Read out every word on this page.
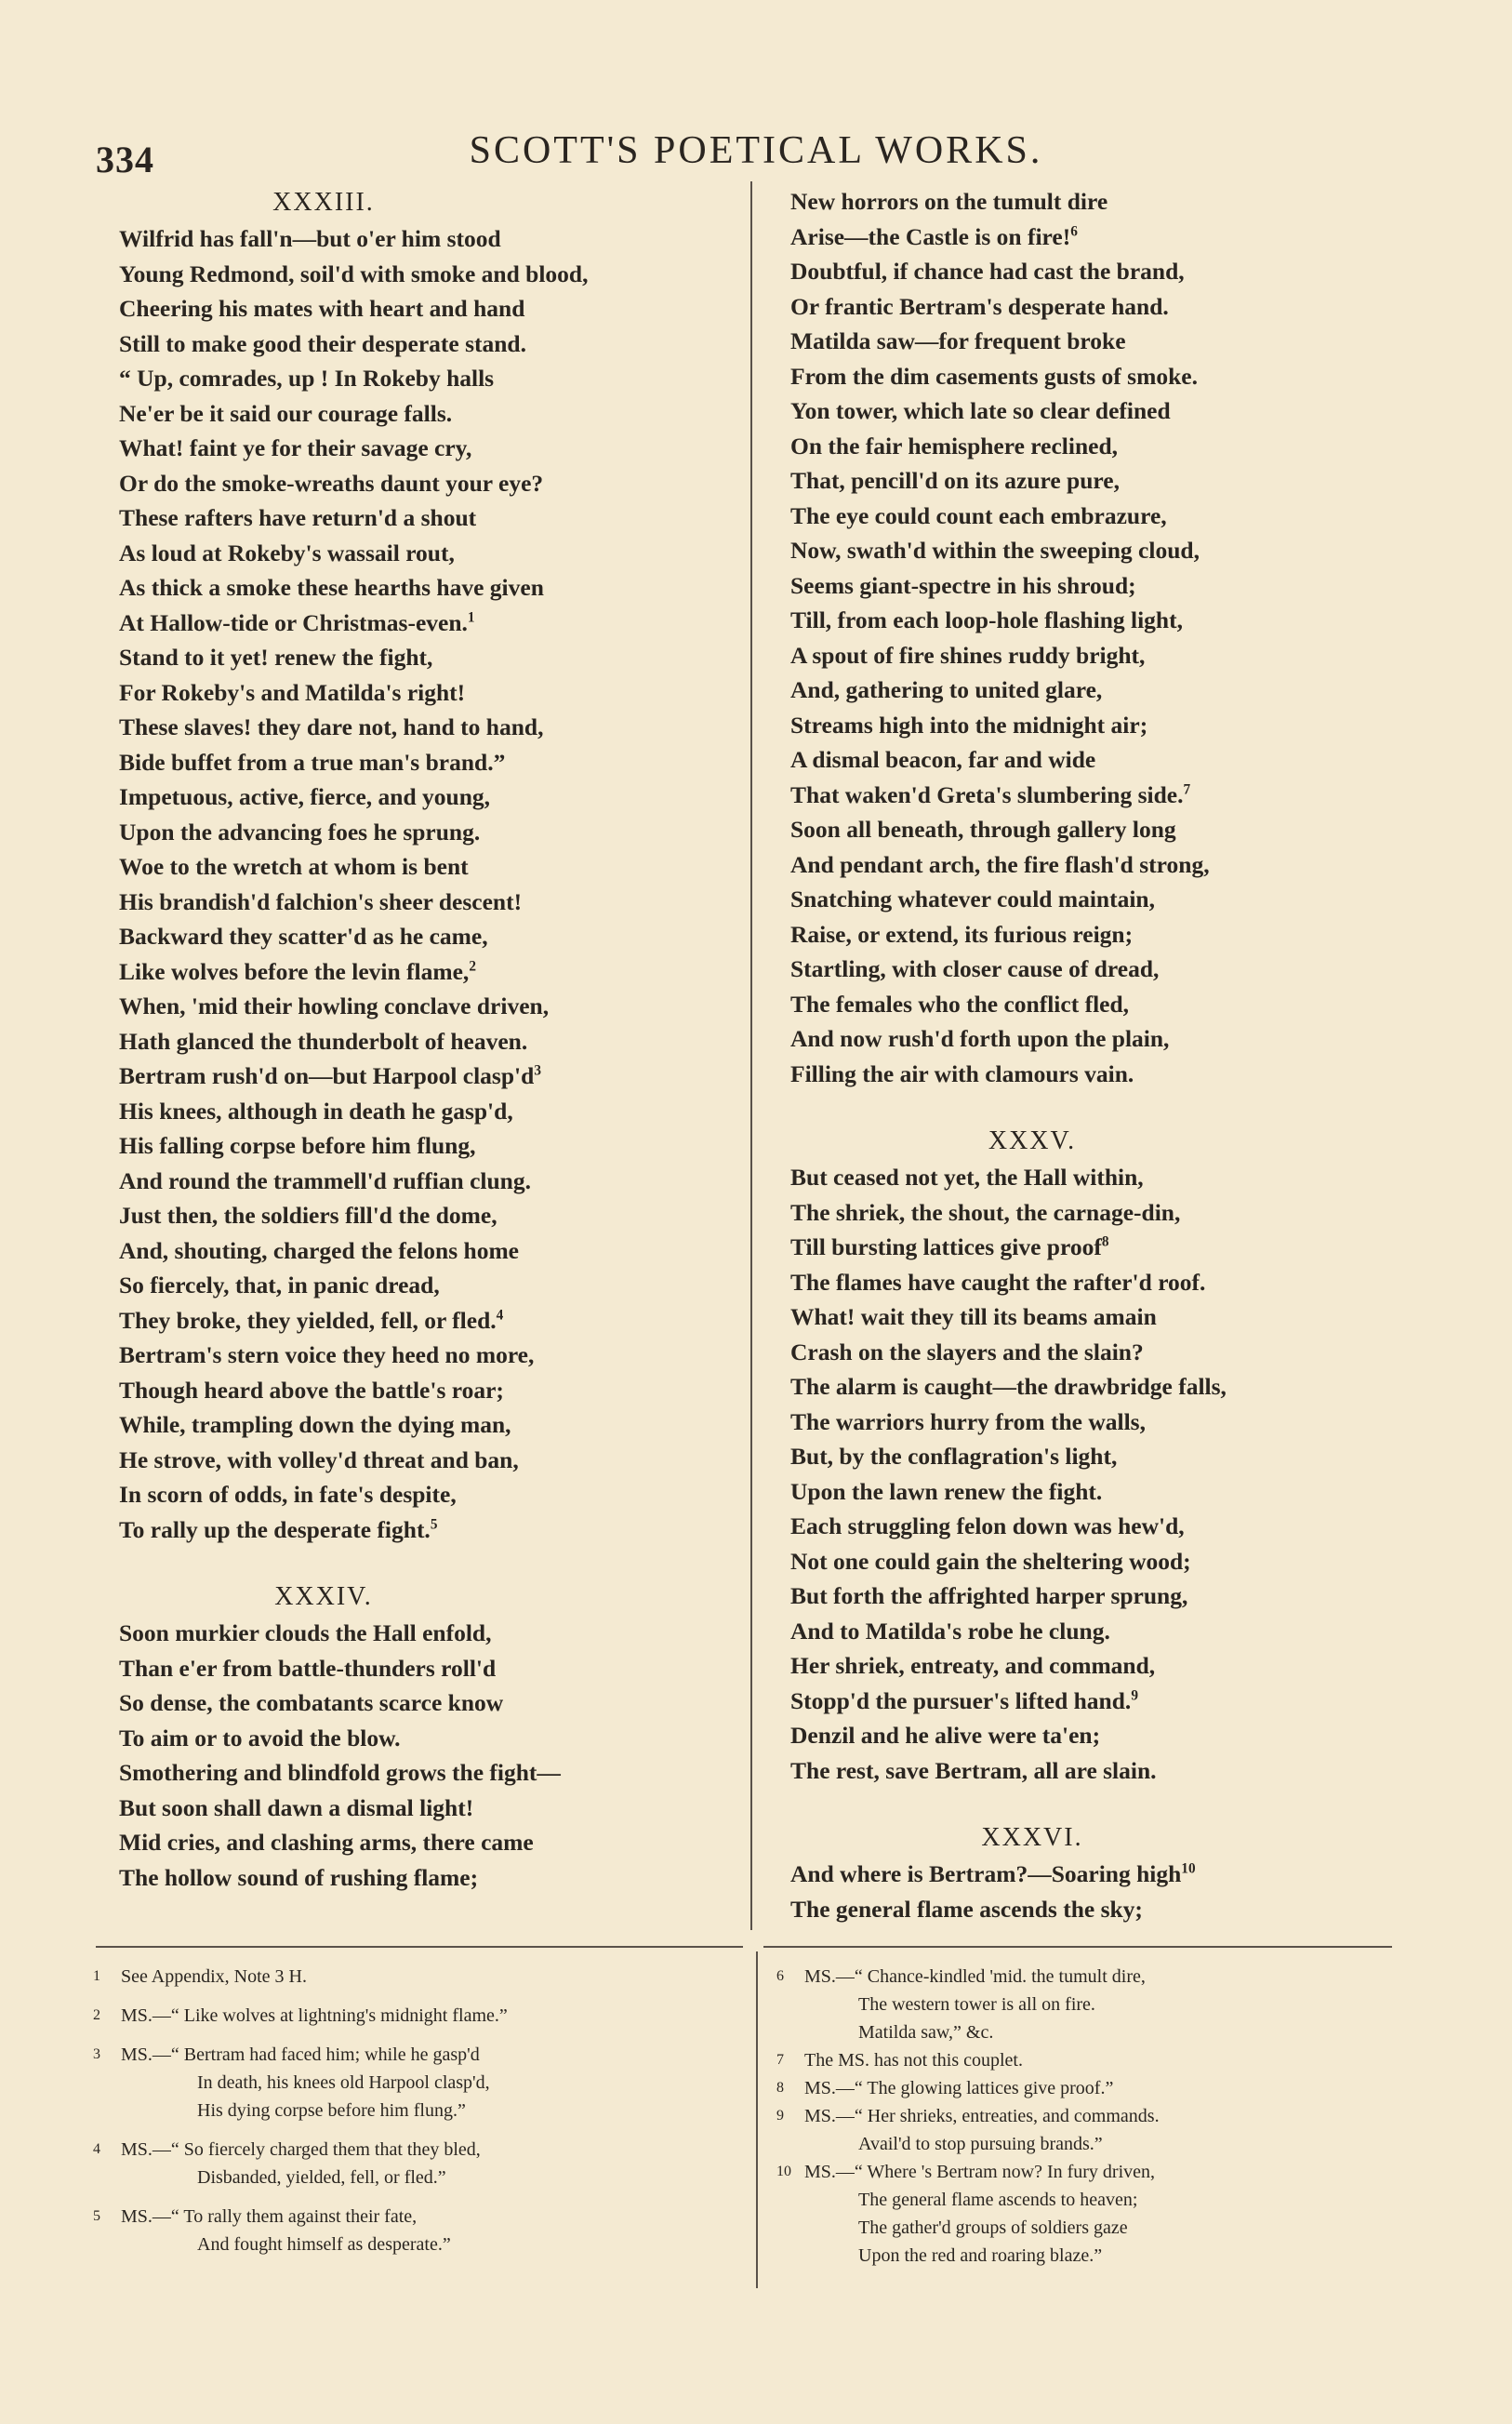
334	SCOTT'S POETICAL WORKS.
XXXIII.
Wilfrid has fall'n—but o'er him stood
Young Redmond, soil'd with smoke and blood,
Cheering his mates with heart and hand
Still to make good their desperate stand.
“ Up, comrades, up ! In Rokeby halls
Ne'er be it said our courage falls.
What! faint ye for their savage cry,
Or do the smoke-wreaths daunt your eye?
These rafters have return'd a shout
As loud at Rokeby's wassail rout,
As thick a smoke these hearths have given
At Hallow-tide or Christmas-even.$^1$
Stand to it yet! renew the fight,
For Rokeby's and Matilda's right!
These slaves! they dare not, hand to hand,
Bide buffet from a true man's brand.”
Impetuous, active, fierce, and young,
Upon the advancing foes he sprung.
Woe to the wretch at whom is bent
His brandish'd falchion's sheer descent!
Backward they scatter'd as he came,
Like wolves before the levin flame,$^2$
When, 'mid their howling conclave driven,
Hath glanced the thunderbolt of heaven.
Bertram rush'd on—but Harpool $clasp'd^3$
His knees, although in death he gasp'd,
His falling corpse before him flung,
And round the trammell'd ruffian clung.
Just then, the soldiers fill'd the dome,
And, shouting, charged the felons home
So fiercely, that, in panic dread,
They broke, they yielded, fell, or fled.$^4$
Bertram's stern voice they heed no more,
Though heard above the battle's roar;
While, trampling down the dying man,
He strove, with volley'd threat and ban,
In scorn of odds, in fate's despite,
To rally up the desperate fight.$^5$
XXXIV.
Soon murkier clouds the Hall enfold,
Than e'er from battle-thunders roll'd
So dense, the combatants scarce know
To aim or to avoid the blow.
Smothering and blindfold grows the fight—
But soon shall dawn a dismal light!
Mid cries, and clashing arms, there came
The hollow sound of rushing flame;
New horrors on the tumult dire
Arise—the Castle is on fire!$^6$
Doubtful, if chance had cast the brand,
Or frantic Bertram's desperate hand.
Matilda saw—for frequent broke
From the dim casements gusts of smoke.
Yon tower, which late so clear defined
On the fair hemisphere reclined,
That, pencill'd on its azure pure,
The eye could count each embrazure,
Now, swath'd within the sweeping cloud,
Seems giant-spectre in his shroud;
Till, from each loop-hole flashing light,
A spout of fire shines ruddy bright,
And, gathering to united glare,
Streams high into the midnight air;
A dismal beacon, far and wide
That waken'd Greta's slumbering side.$^7$
Soon all beneath, through gallery long
And pendant arch, the fire flash'd strong,
Snatching whatever could maintain,
Raise, or extend, its furious reign;
Startling, with closer cause of dread,
The females who the conflict fled,
And now rush'd forth upon the plain,
Filling the air with clamours vain.
XXXV.
But ceased not yet, the Hall within,
The shriek, the shout, the carnage-din,
Till bursting lattices give proof$^8$
The flames have caught the rafter'd roof.
What! wait they till its beams amain
Crash on the slayers and the slain?
The alarm is caught—the drawbridge falls,
The warriors hurry from the walls,
But, by the conflagration's light,
Upon the lawn renew the fight.
Each struggling felon down was hew'd,
Not one could gain the sheltering wood;
But forth the affrighted harper sprung,
And to Matilda's robe he clung.
Her shriek, entreaty, and command,
Stopp'd the pursuer's lifted hand.$^9$
Denzil and he alive were ta'en;
The rest, save Bertram, all are slain.
XXXVI.
And where is Bertram?—Soaring high$^{10}$
The general flame ascends the sky;
1 See Appendix, Note 3 H.
2 MS.—“ Like wolves at lightning's midnight flame.”
3 MS.—“ Bertram had faced him; while he gasp'd
In death, his knees old Harpool clasp'd,
His dying corpse before him flung.”
4 MS.—“ So fiercely charged them that they bled,
Disbanded, yielded, fell, or fled.”
5 MS.—“ To rally them against their fate,
And fought himself as desperate.”
6 MS.—“ Chance-kindled 'mid. the tumult dire,
The western tower is all on fire.
Matilda saw,” &c.
7 The MS. has not this couplet.
8 MS.—“ The glowing lattices give proof.”
9 MS.—“ Her shrieks, entreaties, and commands.
Avail'd to stop pursuing brands.”
10 MS.—“ Where 's Bertram now? In fury driven,
The general flame ascends to heaven;
The gather'd groups of soldiers gaze
Upon the red and roaring blaze.”
